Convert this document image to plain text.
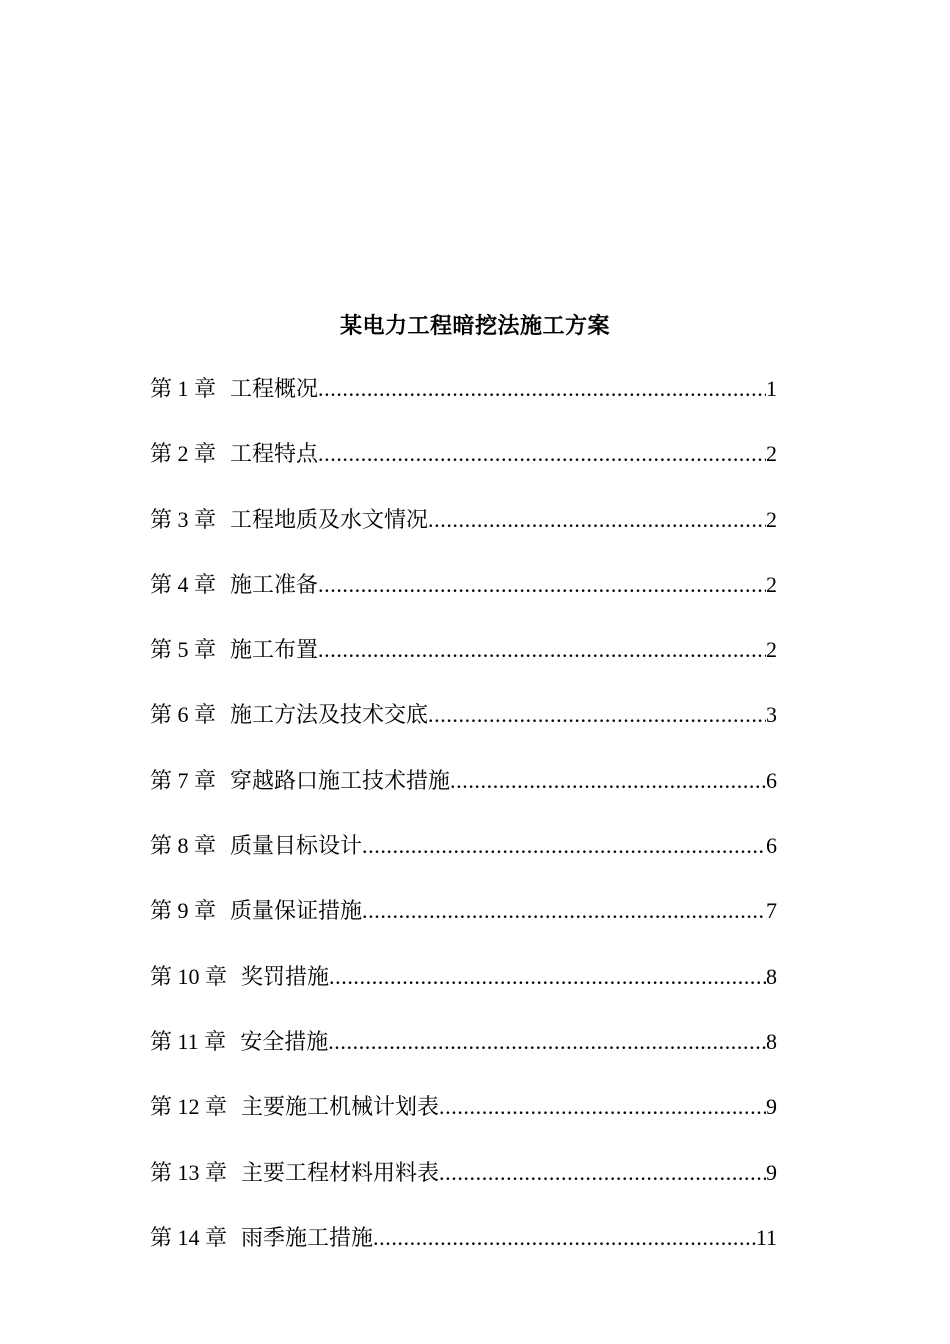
某电力工程暗挖法施工方案
第 1 章 工程概况 .....	1
第 2 章 工程特点 .....	2
第 3 章 工程地质及水文情况 .....	2
第 4 章 施工准备 .....	2
第 5 章 施工布置 .....	2
第 6 章 施工方法及技术交底 .....	3
第 7 章 穿越路口施工技术措施 .....	6
第 8 章 质量目标设计 .....	6
第 9 章 质量保证措施 .....	7
第 10 章 奖罚措施 .....	8
第 11 章 安全措施 .....	8
第 12 章 主要施工机械计划表 .....	9
第 13 章 主要工程材料用料表 .....	9
第 14 章 雨季施工措施 .....	11
